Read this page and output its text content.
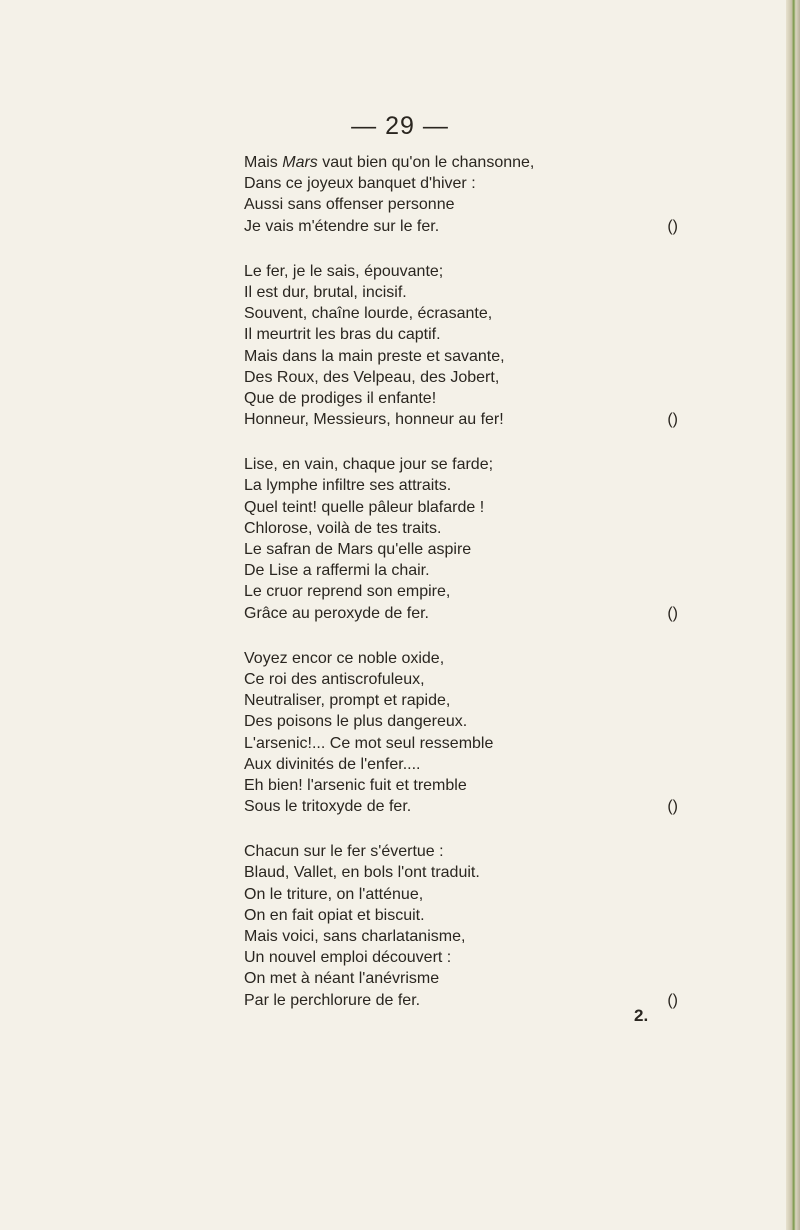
— 29 —
Mais Mars vaut bien qu'on le chansonne,
Dans ce joyeux banquet d'hiver :
Aussi sans offenser personne
Je vais m'étendre sur le fer.	()
Le fer, je le sais, épouvante;
Il est dur, brutal, incisif.
Souvent, chaîne lourde, écrasante,
Il meurtrit les bras du captif.
Mais dans la main preste et savante,
Des Roux, des Velpeau, des Jobert,
Que de prodiges il enfante!
Honneur, Messieurs, honneur au fer!	()
Lise, en vain, chaque jour se farde;
La lymphe infiltre ses attraits.
Quel teint! quelle pâleur blafarde !
Chlorose, voilà de tes traits.
Le safran de Mars qu'elle aspire
De Lise a raffermi la chair.
Le cruor reprend son empire,
Grâce au peroxyde de fer.	()
Voyez encor ce noble oxide,
Ce roi des antiscrofuleux,
Neutraliser, prompt et rapide,
Des poisons le plus dangereux.
L'arsenic!... Ce mot seul ressemble
Aux divinités de l'enfer....
Eh bien! l'arsenic fuit et tremble
Sous le tritoxyde de fer.	()
Chacun sur le fer s'évertue :
Blaud, Vallet, en bols l'ont traduit.
On le triture, on l'atténue,
On en fait opiat et biscuit.
Mais voici, sans charlatanisme,
Un nouvel emploi découvert :
On met à néant l'anévrisme
Par le perchlorure de fer.	()
2.
